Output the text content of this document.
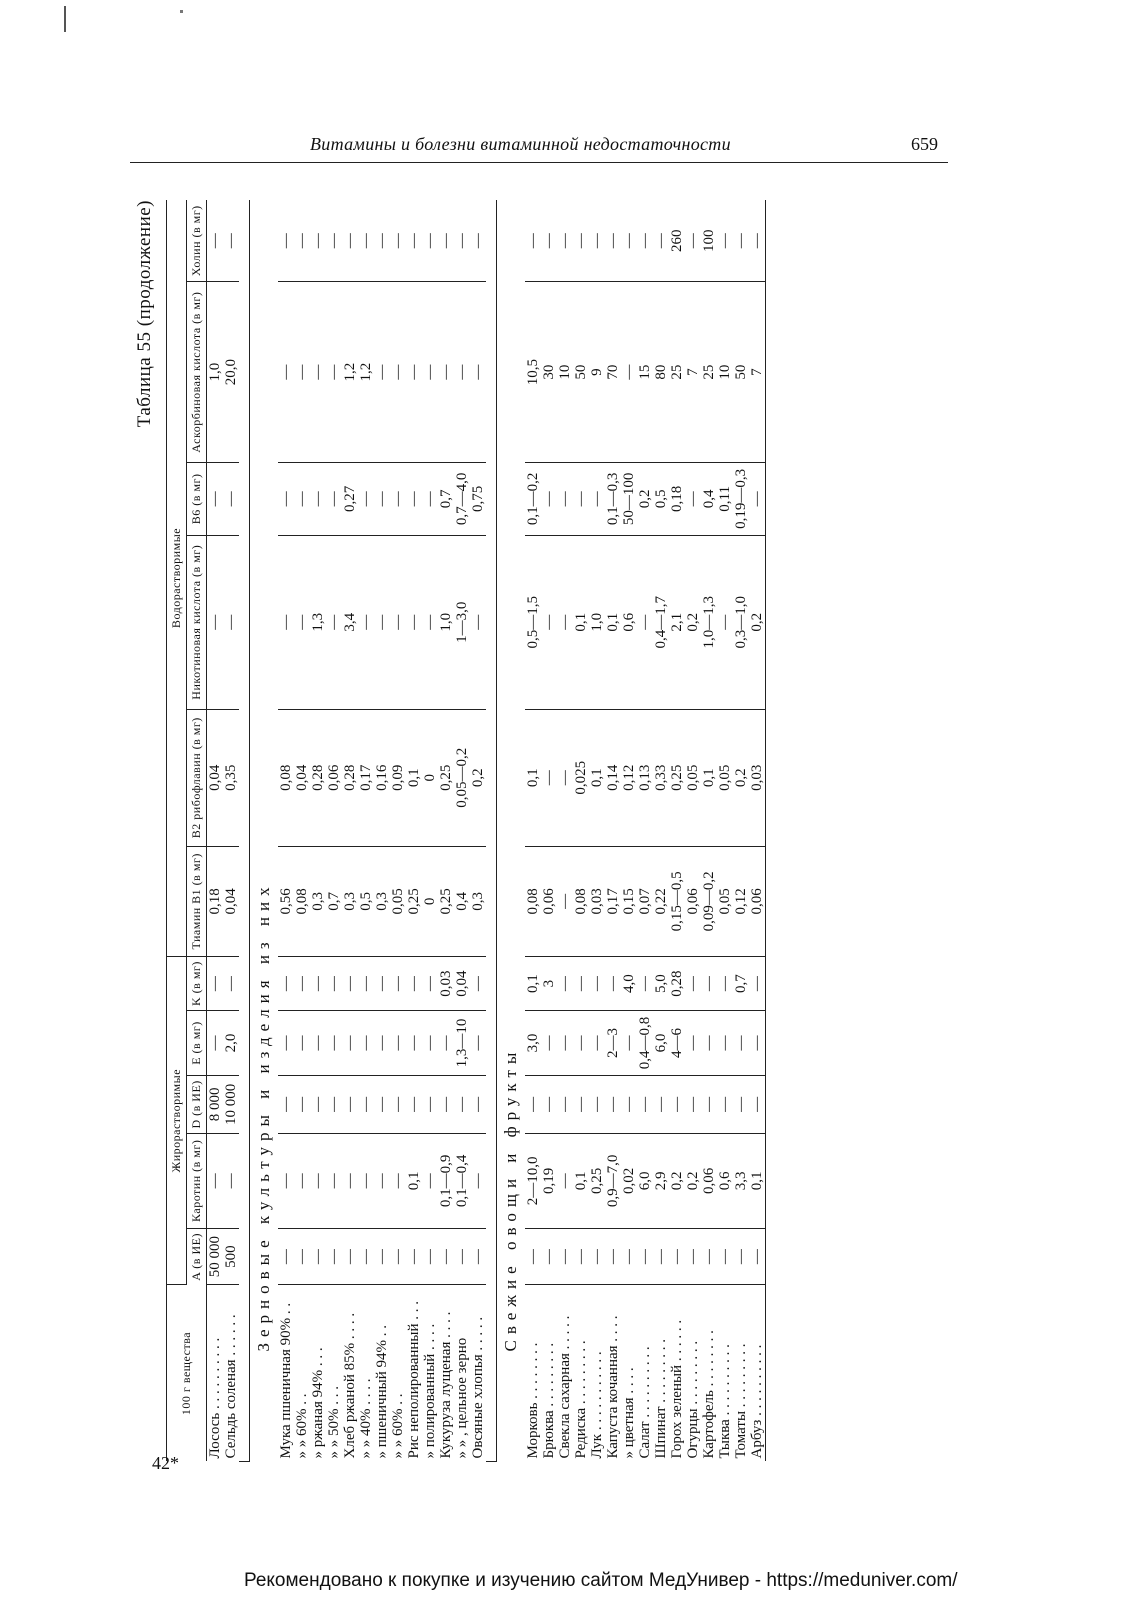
Витамины и болезни витаминной недостаточности	659
Таблица 55 (продолжение)
100 г вещества	Жирорастворимые					Водорастворимые					
	A (в ИЕ)	Каротин (в мг)	D (в ИЕ)	E (в мг)	K (в мг)	Тиамин B1 (в мг)	B2 рибофлавин (в мг)	Никотиновая кислота (в мг)	B6 (в мг)	Аскорбиновая кислота (в мг)	Холин (в мг)
Лосось . . . . . . . . . .	50 000	—	8 000	—	—	0,18	0,04	—	—	1,0	—
Сельдь соленая . . . . . .	500	—	10 000	2,0	—	0,04	0,35	—	—	20,0	—

Зерновые культуры и изделия из них											
Мука пшеничная 90% . .	—	—	—	—	—	0,56	0,08	—	—	—	—
» » 60% . .	—	—	—	—	—	0,08	0,04	—	—	—	—
» ржаная 94% . . .	—	—	—	—	—	0,3	0,28	1,3	—	—	—
» » 50% . . .	—	—	—	—	—	0,7	0,06	—	—	—	—
Хлеб ржаной 85% . . . .	—	—	—	—	—	0,3	0,28	3,4	0,27	1,2	—
» » 40% . . . .	—	—	—	—	—	0,5	0,17	—	—	1,2	—
» пшеничный 94% . .	—	—	—	—	—	0,3	0,16	—	—	—	—
» » 60% . .	—	—	—	—	—	0,05	0,09	—	—	—	—
Рис неполированный . . .	—	0,1	—	—	—	0,25	0,1	—	—	—	—
» полированный . . . .	—	—	—	—	—	0	0	—	—	—	—
Кукуруза лущеная . . . .	—	0,1—0,9	—	—	0,03	0,25	0,25	1,0	0,7	—	—
» » , цельное зерно	—	0,1—0,4	—	1,3—10	0,04	0,4	0,05—0,2	1—3,0	0,7—4,0	—	—
Овсяные хлопья . . . . .	—	—	—	—	—	0,3	0,2	—	0,75	—	—

Свежие овощи и фрукты											
Морковь . . . . . . . .	—	2—10,0	—	3,0	0,1	0,08	0,1	0,5—1,5	0,1—0,2	10,5	—
Брюква . . . . . . . . .	—	0,19	—	—	3	0,06	—	—	—	30	—
Свекла сахарная . . . . .	—	—	—	—	—	—	—	—	—	10	—
Редиска . . . . . . . . .	—	0,1	—	—	—	0,08	0,025	0,1	—	50	—
Лук . . . . . . . . . . .	—	0,25	—	—	—	0,03	0,1	1,0	—	9	—
Капуста кочанная . . . .	—	0,9—7,0	—	2—3	—	0,17	0,14	0,1	0,1—0,3	70	—
» цветная . . . .	—	0,02	—	—	4,0	0,15	0,12	0,6	50—100	—	—
Салат . . . . . . . . . .	—	6,0	—	0,4—0,8	—	0,07	0,13	—	0,2	15	—
Шпинат . . . . . . . . .	—	2,9	—	6,0	5,0	0,22	0,33	0,4—1,7	0,5	80	—
Горох зеленый . . . . . .	—	0,2	—	4—6	0,28	0,15—0,5	0,25	2,1	0,18	25	260
Огурцы . . . . . . . . .	—	0,2	—	—	—	0,06	0,05	0,2	—	7	—
Картофель . . . . . . . .	—	0,06	—	—	—	0,09—0,2	0,1	1,0—1,3	0,4	25	100
Тыква . . . . . . . . . .	—	0,6	—	—	—	0,05	0,05	—	0,11	10	—
Томаты . . . . . . . . .	—	3,3	—	—	0,7	0,12	0,2	0,3—1,0	0,19—0,3	50	—
Арбуз . . . . . . . . . .	—	0,1	—	—	—	0,06	0,03	0,2	—	7	—
42*
Рекомендовано к покупке и изучению сайтом МедУнивер - https://meduniver.com/
